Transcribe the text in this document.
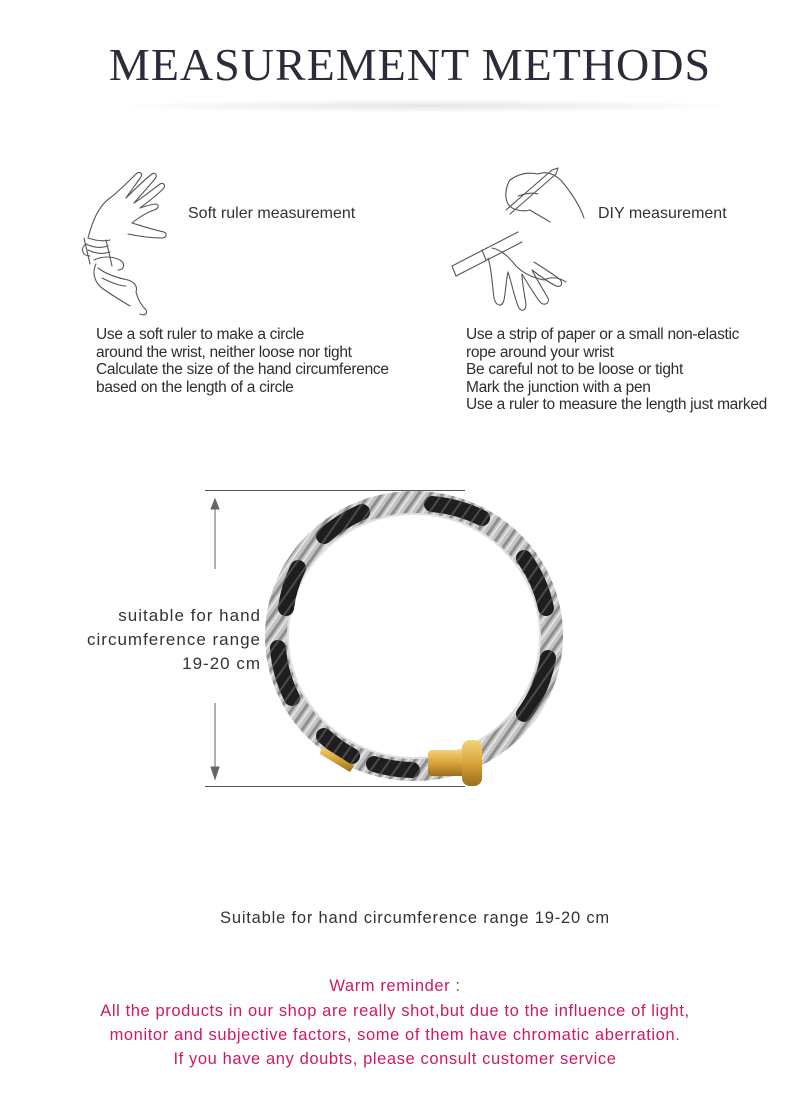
MEASUREMENT METHODS
Soft ruler measurement
Use a soft ruler to make a circle
around the wrist, neither loose nor tight
Calculate the size of the hand circumference
based on the length of a circle
DIY measurement
Use a strip of paper or a small non-elastic
rope around your wrist
Be careful not to be loose or tight
Mark the junction with a pen
Use a ruler to measure the length just marked
suitable for hand
circumference range
19-20 cm
Suitable for hand circumference range 19-20 cm
Warm reminder :
All the products in our shop are really shot,but due to the influence of light,
monitor and subjective factors, some of them have chromatic aberration.
If you have any doubts, please consult customer service
